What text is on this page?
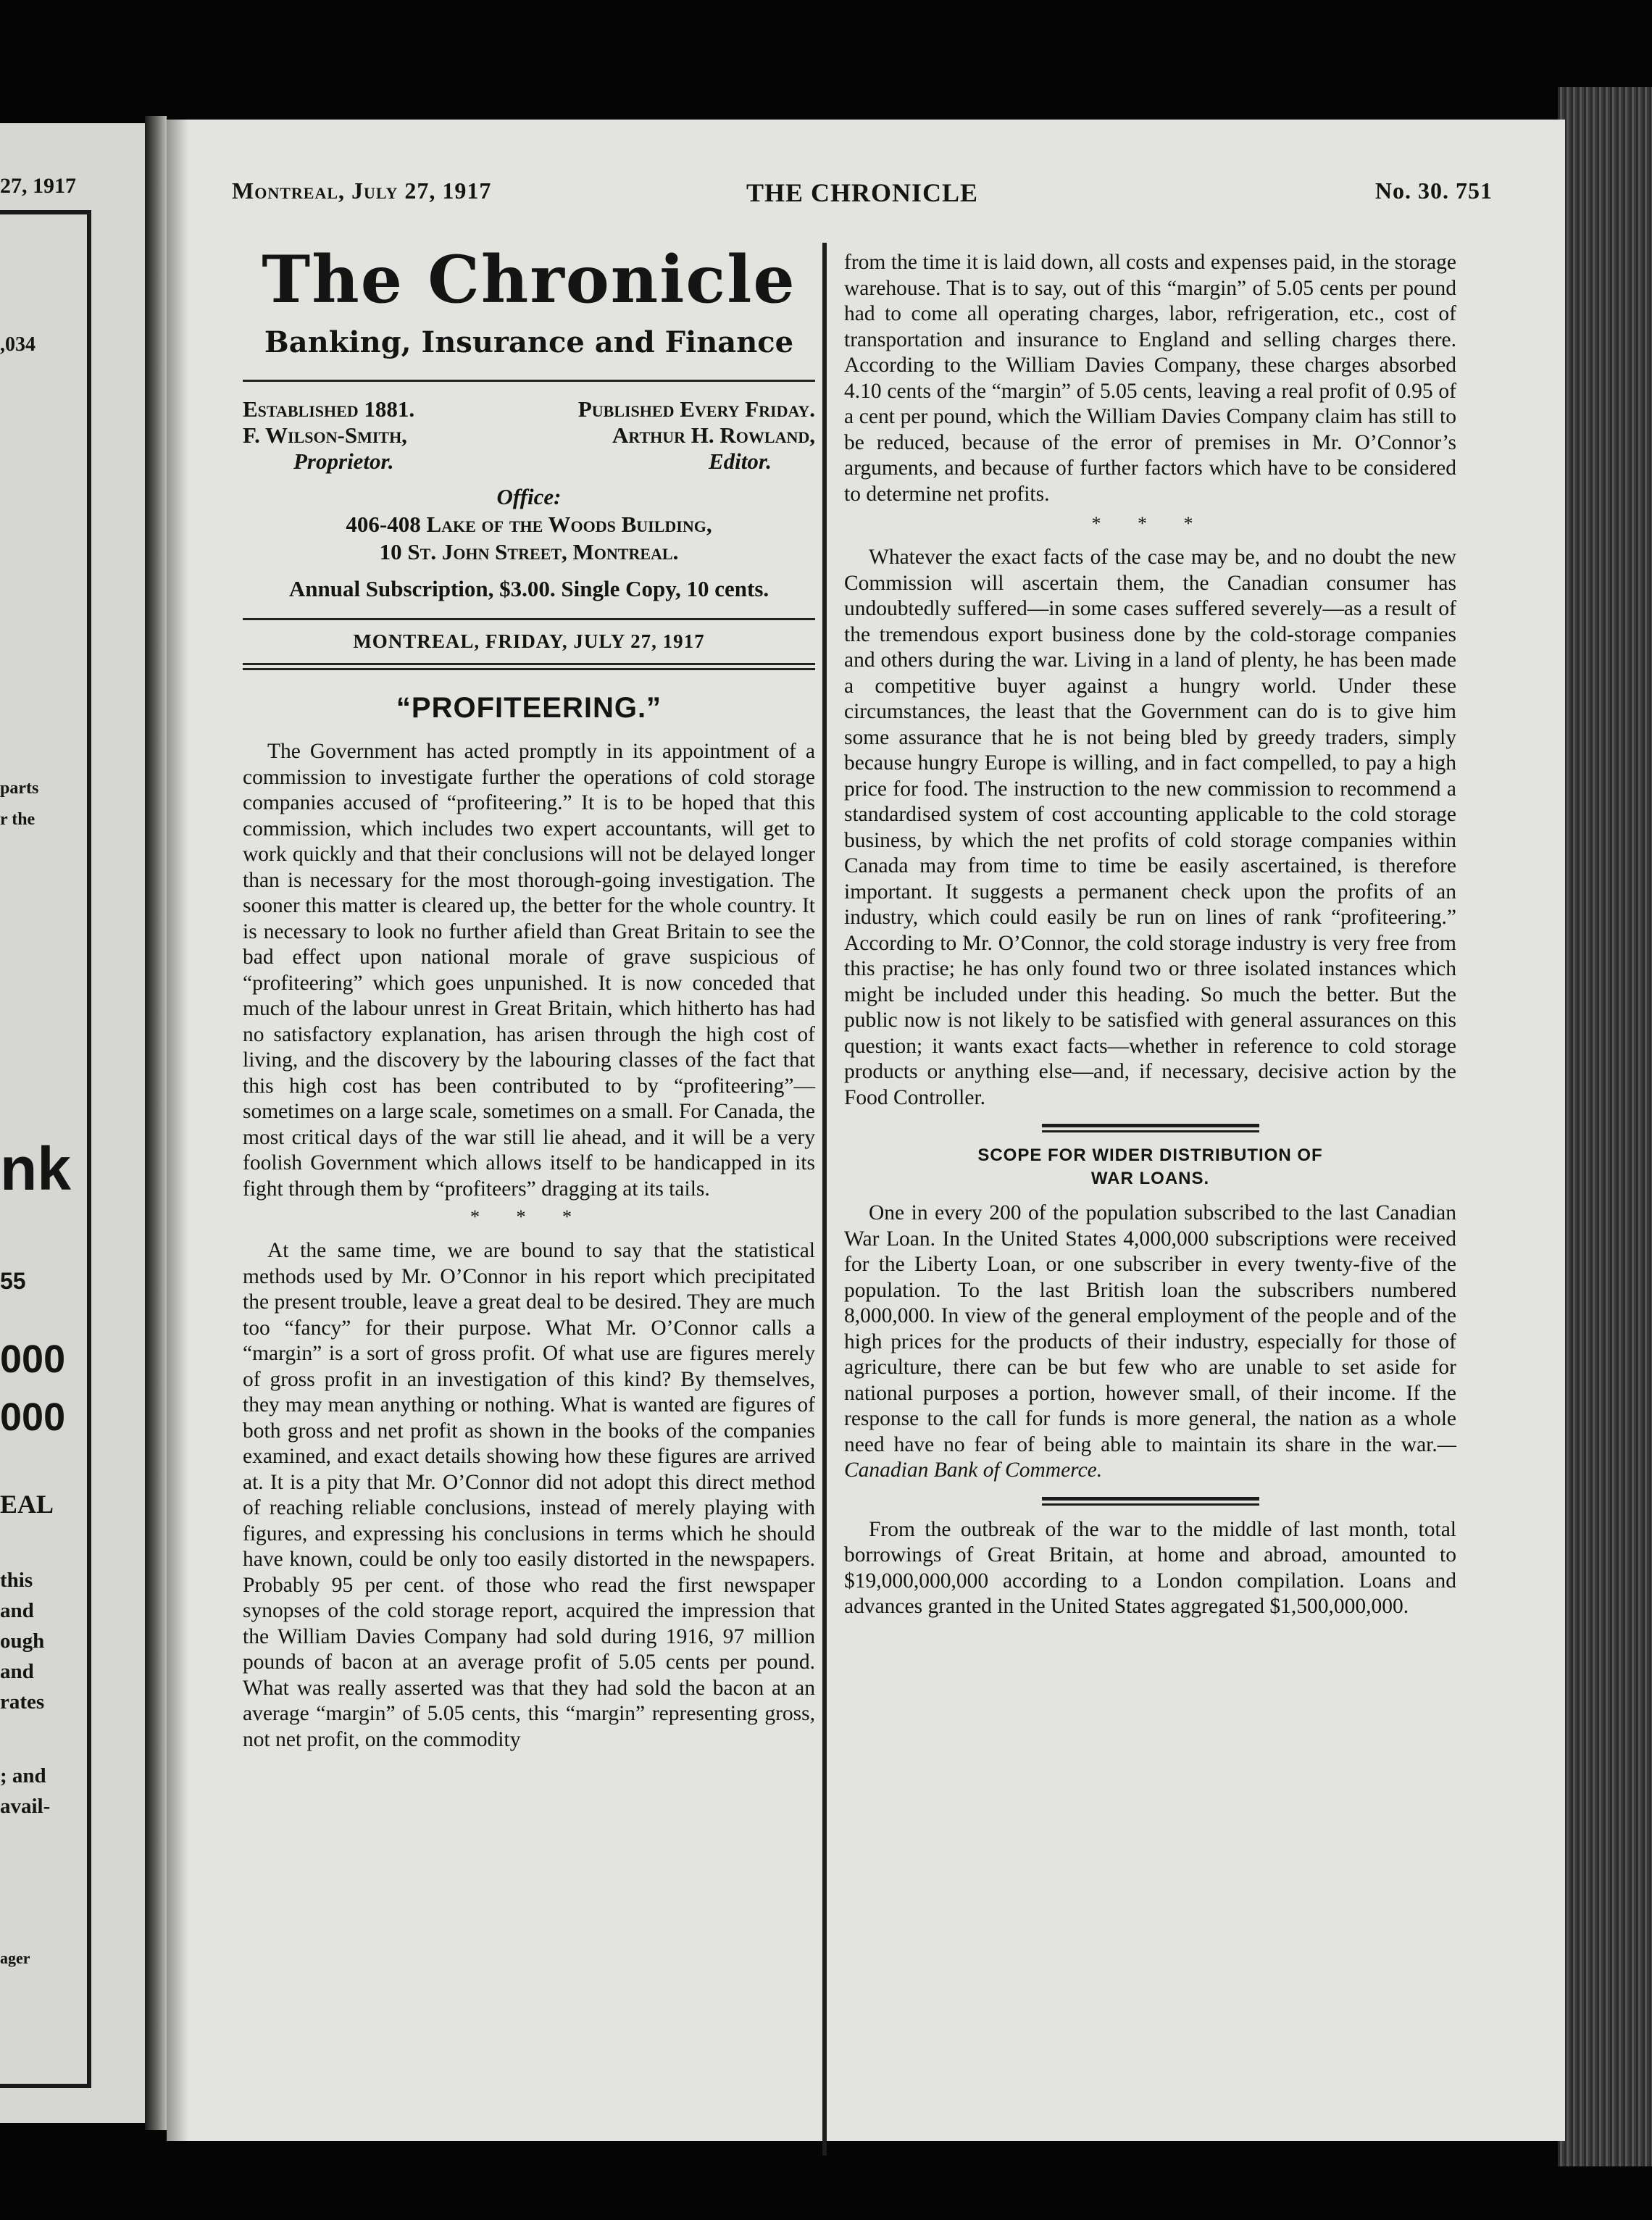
27, 1917
,034
parts
r the
nk
55
000
000
EAL
this
and
ough
and
rates
; and
avail-
ager
Montreal, July 27, 1917	THE CHRONICLE	No. 30. 751
The Chronicle
Banking, Insurance and Finance
Established 1881.
F. Wilson-Smith,
Proprietor.
Published Every Friday.
Arthur H. Rowland,
Editor.
Office:
406-408 Lake of the Woods Building,
10 St. John Street, Montreal.
Annual Subscription, $3.00. Single Copy, 10 cents.
MONTREAL, FRIDAY, JULY 27, 1917
“PROFITEERING.”

The Government has acted promptly in its appointment of a commission to investigate further the operations of cold storage companies accused of “profiteering.” It is to be hoped that this commission, which includes two expert accountants, will get to work quickly and that their conclusions will not be delayed longer than is necessary for the most thorough-going investigation. The sooner this matter is cleared up, the better for the whole country. It is necessary to look no further afield than Great Britain to see the bad effect upon national morale of grave suspicious of “profiteering” which goes unpunished. It is now conceded that much of the labour unrest in Great Britain, which hitherto has had no satisfactory explanation, has arisen through the high cost of living, and the discovery by the labouring classes of the fact that this high cost has been contributed to by “profiteering”—sometimes on a large scale, sometimes on a small. For Canada, the most critical days of the war still lie ahead, and it will be a very foolish Government which allows itself to be handicapped in its fight through them by “profiteers” dragging at its tails.

* * *

At the same time, we are bound to say that the statistical methods used by Mr. O’Connor in his report which precipitated the present trouble, leave a great deal to be desired. They are much too “fancy” for their purpose. What Mr. O’Connor calls a “margin” is a sort of gross profit. Of what use are figures merely of gross profit in an investigation of this kind? By themselves, they may mean anything or nothing. What is wanted are figures of both gross and net profit as shown in the books of the companies examined, and exact details showing how these figures are arrived at. It is a pity that Mr. O’Connor did not adopt this direct method of reaching reliable conclusions, instead of merely playing with figures, and expressing his conclusions in terms which he should have known, could be only too easily distorted in the newspapers. Probably 95 per cent. of those who read the first newspaper synopses of the cold storage report, acquired the impression that the William Davies Company had sold during 1916, 97 million pounds of bacon at an average profit of 5.05 cents per pound. What was really asserted was that they had sold the bacon at an average “margin” of 5.05 cents, this “margin” representing gross, not net profit, on the commodity

from the time it is laid down, all costs and expenses paid, in the storage warehouse. That is to say, out of this “margin” of 5.05 cents per pound had to come all operating charges, labor, refrigeration, etc., cost of transportation and insurance to England and selling charges there. According to the William Davies Company, these charges absorbed 4.10 cents of the “margin” of 5.05 cents, leaving a real profit of 0.95 of a cent per pound, which the William Davies Company claim has still to be reduced, because of the error of premises in Mr. O’Connor’s arguments, and because of further factors which have to be considered to determine net profits.

* * *

Whatever the exact facts of the case may be, and no doubt the new Commission will ascertain them, the Canadian consumer has undoubtedly suffered—in some cases suffered severely—as a result of the tremendous export business done by the cold-storage companies and others during the war. Living in a land of plenty, he has been made a competitive buyer against a hungry world. Under these circumstances, the least that the Government can do is to give him some assurance that he is not being bled by greedy traders, simply because hungry Europe is willing, and in fact compelled, to pay a high price for food. The instruction to the new commission to recommend a standardised system of cost accounting applicable to the cold storage business, by which the net profits of cold storage companies within Canada may from time to time be easily ascertained, is therefore important. It suggests a permanent check upon the profits of an industry, which could easily be run on lines of rank “profiteering.” According to Mr. O’Connor, the cold storage industry is very free from this practise; he has only found two or three isolated instances which might be included under this heading. So much the better. But the public now is not likely to be satisfied with general assurances on this question; it wants exact facts—whether in reference to cold storage products or anything else—and, if necessary, decisive action by the Food Controller.

SCOPE FOR WIDER DISTRIBUTION OF
WAR LOANS.

One in every 200 of the population subscribed to the last Canadian War Loan. In the United States 4,000,000 subscriptions were received for the Liberty Loan, or one subscriber in every twenty-five of the population. To the last British loan the subscribers numbered 8,000,000. In view of the general employment of the people and of the high prices for the products of their industry, especially for those of agriculture, there can be but few who are unable to set aside for national purposes a portion, however small, of their income. If the response to the call for funds is more general, the nation as a whole need have no fear of being able to maintain its share in the war.—Canadian Bank of Commerce.

From the outbreak of the war to the middle of last month, total borrowings of Great Britain, at home and abroad, amounted to $19,000,000,000 according to a London compilation. Loans and advances granted in the United States aggregated $1,500,000,000.
